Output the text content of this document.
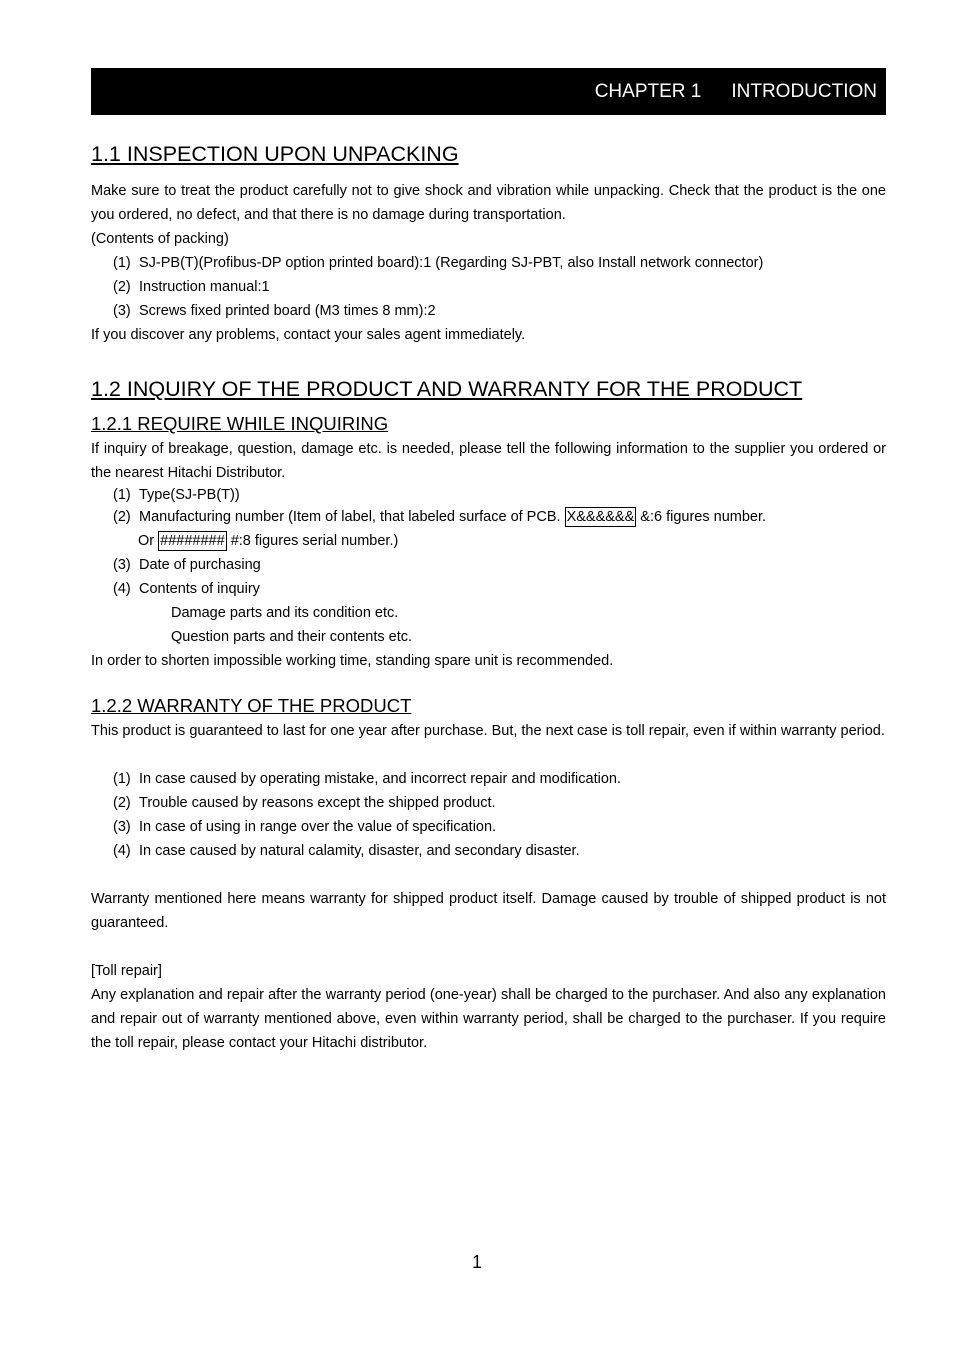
CHAPTER 1 INTRODUCTION
1.1 INSPECTION UPON UNPACKING

Make sure to treat the product carefully not to give shock and vibration while unpacking. Check that the product is the one you ordered, no defect, and that there is no damage during transportation.

(Contents of packing)

(1) SJ-PB(T)(Profibus-DP option printed board):1 (Regarding SJ-PBT, also Install network connector)
(2) Instruction manual:1
(3) Screws fixed printed board (M3 times 8 mm):2

If you discover any problems, contact your sales agent immediately.

1.2 INQUIRY OF THE PRODUCT AND WARRANTY FOR THE PRODUCT
1.2.1 REQUIRE WHILE INQUIRING

If inquiry of breakage, question, damage etc. is needed, please tell the following information to the supplier you ordered or the nearest Hitachi Distributor.

(1) Type(SJ-PB(T))
(2) Manufacturing number (Item of label, that labeled surface of PCB. X&&&&&& &:6 figures number.
Or ######## #:8 figures serial number.)
(3) Date of purchasing
(4) Contents of inquiry
Damage parts and its condition etc.
Question parts and their contents etc.

In order to shorten impossible working time, standing spare unit is recommended.

1.2.2 WARRANTY OF THE PRODUCT

This product is guaranteed to last for one year after purchase. But, the next case is toll repair, even if within warranty period.

(1) In case caused by operating mistake, and incorrect repair and modification.
(2) Trouble caused by reasons except the shipped product.
(3) In case of using in range over the value of specification.
(4) In case caused by natural calamity, disaster, and secondary disaster.

Warranty mentioned here means warranty for shipped product itself. Damage caused by trouble of shipped product is not guaranteed.

[Toll repair]

Any explanation and repair after the warranty period (one-year) shall be charged to the purchaser. And also any explanation and repair out of warranty mentioned above, even within warranty period, shall be charged to the purchaser. If you require the toll repair, please contact your Hitachi distributor.

1
